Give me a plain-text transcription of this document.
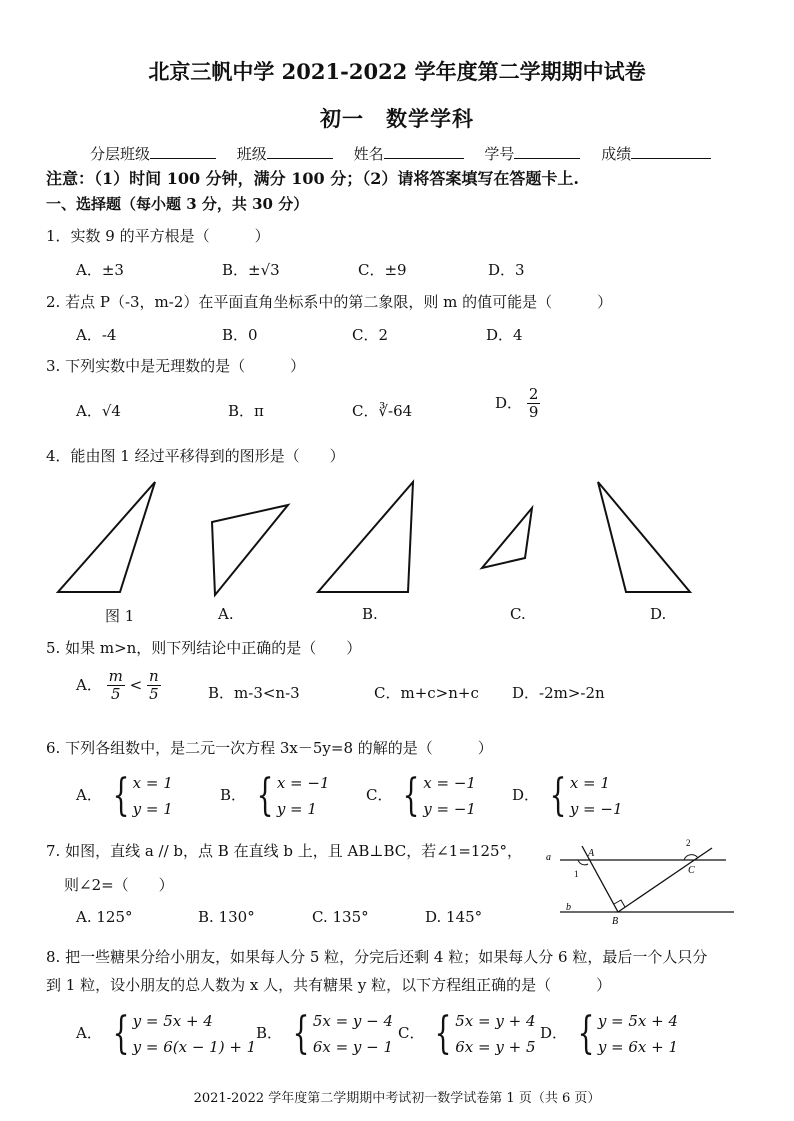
北京三帆中学 2021-2022 学年度第二学期期中试卷
初一　数学学科
分层班级	班级	姓名	学号	成绩
注意：（1）时间 100 分钟，满分 100 分；（2）请将答案填写在答题卡上.
一、选择题（每小题 3 分，共 30 分）
1．实数 9 的平方根是（　　　）
A．±3	B．±√3	C．±9	D．3
2. 若点 P（-3，m-2）在平面直角坐标系中的第二象限，则 m 的值可能是（　　　）
A．-4	B．0	C．2	D．4
3. 下列实数中是无理数的是（　　　）
A．√4	B．π	C．∛-64	D． $\frac{2}{9}$
4．能由图 1 经过平移得到的图形是（　　）
图 1	A.	B.	C.	D.
5. 如果 m>n，则下列结论中正确的是（　　）
A． $\frac{m}{5} < \frac{n}{5}$	B．m-3<n-3	C．m+c>n+c D．-2m>-2n
6. 下列各组数中，是二元一次方程 3x－5y=8 的解的是（　　　）
A． { x = 1
y = 1
B． { x = −1
y = 1
C． { x = −1
y = −1
D． { x = 1
y = −1
7. 如图，直线 a // b，点 B 在直线 b 上，且 AB⊥BC，若∠1=125°，
则∠2=（　　）
A. 125°	B. 130°	C. 135°	D. 145°
a
b
A
B
C
1
2
8. 把一些糖果分给小朋友，如果每人分 5 粒，分完后还剩 4 粒；如果每人分 6 粒，最后一个人只分
到 1 粒，设小朋友的总人数为 x 人，共有糖果 y 粒，以下方程组正确的是（　　　）
A． { y = 5x + 4
y = 6(x − 1) + 1
B． { 5x = y − 4
6x = y − 1
C． { 5x = y + 4
6x = y + 5
D． { y = 5x + 4
y = 6x + 1
2021-2022 学年度第二学期期中考试初一数学试卷第 1 页（共 6 页）
